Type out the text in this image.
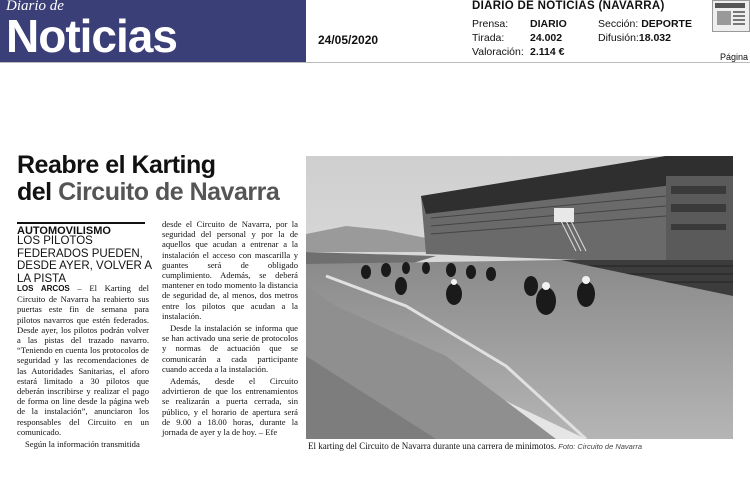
Diario de
Noticias	24/05/2020
DIARIO DE NOTICIAS (NAVARRA)
Prensa: DIARIO
Tirada: 24.002
Valoración: 2.114 €
Sección: DEPORTE
Difusión:18.032
Página
Reabre el Karting
del Circuito de Navarra
AUTOMOVILISMO
LOS PILOTOS FEDERADOS PUEDEN, DESDE AYER, VOLVER A LA PISTA

LOS ARCOS – El Karting del Circuito de Navarra ha reabierto sus puertas este fin de semana para pilotos navarros que estén federados. Desde ayer, los pilotos podrán volver a las pistas del trazado navarro. “Teniendo en cuenta los protocolos de seguridad y las recomendaciones de las Autoridades Sanitarias, el aforo estará limitado a 30 pilotos que deberán inscribirse y realizar el pago de forma on line desde la página web de la instalación”, anunciaron los responsables del Circuito en un comunicado.

Según la información transmitida

desde el Circuito de Navarra, por la seguridad del personal y por la de aquellos que acudan a entrenar a la instalación el acceso con mascarilla y guantes será de obligado cumplimiento. Además, se deberá mantener en todo momento la distancia de seguridad de, al menos, dos metros entre los pilotos que acudan a la instalación.

Desde la instalación se informa que se han activado una serie de protocolos y normas de actuación que se comunicarán a cada participante cuando acceda a la instalación.

Además, desde el Circuito advirtieron de que los entrenamientos se realizarán a puerta cerrada, sin público, y el horario de apertura será de 9.00 a 18.00 horas, durante la jornada de ayer y la de hoy. – Efe

El karting del Circuito de Navarra durante una carrera de minimotos. Foto: Circuito de Navarra
